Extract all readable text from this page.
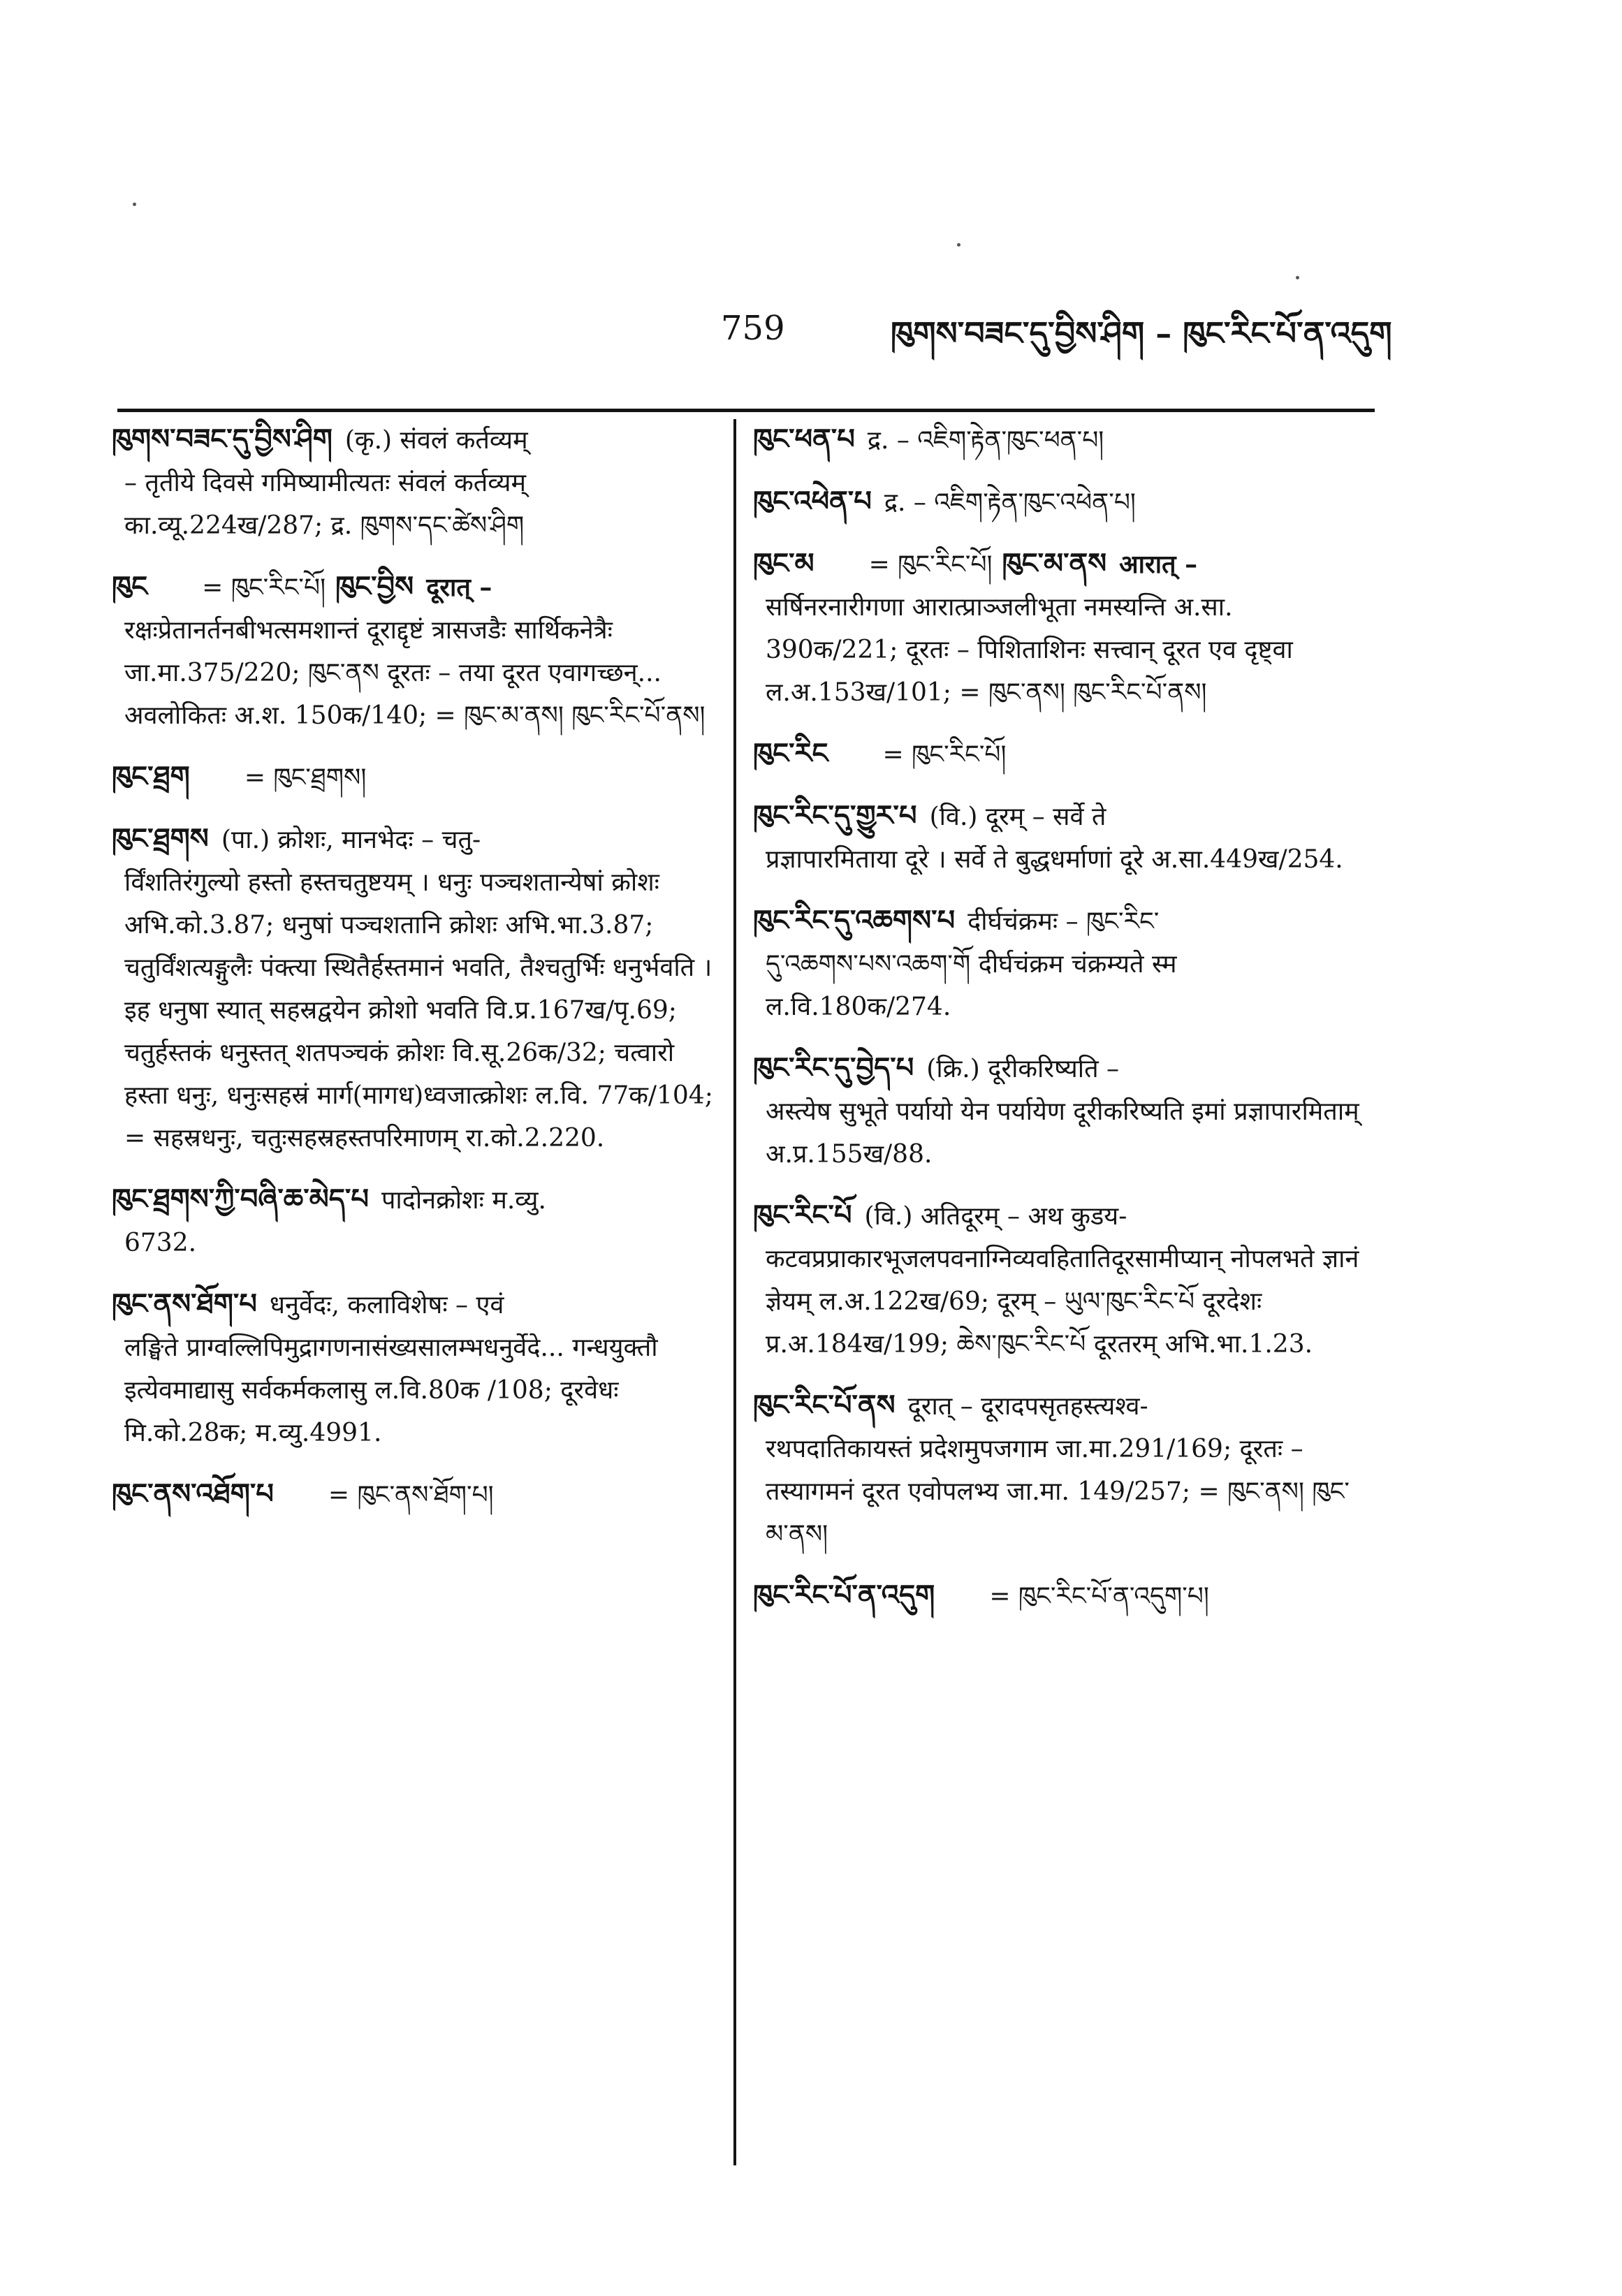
759	ཁུགས་བཟང་དུ་བྱིས་ཤིག – ཁུང་རིང་པོ་ན་འདུག
ཁུགས་བཟང་དུ་བྱིས་ཤིག (कृ.) संवलं कर्तव्यम्
– तृतीये दिवसे गमिष्यामीत्यतः संवलं कर्तव्यम् का.व्यू.224ख/287; द्र. ཁུགས་དང་ཚེས་ཤིག
ཁུང = ཁུང་རིང་པོ། ཁུང་བྱིས दूरात् –
रक्षःप्रेतानर्तनबीभत्समशान्तं दूराद्दृष्टं त्रासजडैः सार्थिकनेत्रैः जा.मा.375/220; ཁུང་ནས दूरतः – तया दूरत एवागच्छन्... अवलोकितः अ.श. 150क/140; = ཁུང་མ་ནས། ཁུང་རིང་པོ་ནས།
ཁུང་ཐྲག = ཁུང་ཐྲགས།
ཁུང་ཐྲགས (पा.) क्रोशः, मानभेदः – चतु-
र्विंशतिरंगुल्यो हस्तो हस्तचतुष्टयम् । धनुः पञ्चशतान्येषां क्रोशः अभि.को.3.87; धनुषां पञ्चशतानि क्रोशः अभि.भा.3.87; चतुर्विंशत्यङ्गुलैः पंक्त्या स्थितैर्हस्तमानं भवति, तैश्चतुर्भिः धनुर्भवति । इह धनुषा स्यात् सहस्रद्वयेन क्रोशो भवति वि.प्र.167ख/पृ.69; चतुर्हस्तकं धनुस्तत् शतपञ्चकं क्रोशः वि.सू.26क/32; चत्वारो हस्ता धनुः, धनुःसहस्रं मार्ग(मागध)ध्वजात्क्रोशः ल.वि. 77क/104; = सहस्रधनुः, चतुःसहस्रहस्तपरिमाणम् रा.को.2.220.
ཁུང་ཐྲགས་ཀྱི་བཞི་ཆ་མེད་པ पादोनक्रोशः म.व्यु.
6732.
ཁུང་ནས་ཐོག་པ धनुर्वेदः, कलाविशेषः – एवं
लङ्घिते प्राग्वल्लिपिमुद्रागणनासंख्यसालम्भधनुर्वेदे... गन्धयुक्तौ इत्येवमाद्यासु सर्वकर्मकलासु ल.वि.80क /108; दूरवेधः मि.को.28क; म.व्यु.4991.
ཁུང་ནས་འཐོག་པ = ཁུང་ནས་ཐོག་པ།
ཁུང་ཕན་པ द्र. – འཇིག་རྟེན་ཁུང་ཕན་པ།
ཁུང་འཕེན་པ द्र. – འཇིག་རྟེན་ཁུང་འཕེན་པ།
ཁུང་མ = ཁུང་རིང་པོ། ཁུང་མ་ནས आरात् –
सर्षिनरनारीगणा आरात्प्राञ्जलीभूता नमस्यन्ति अ.सा. 390क/221; दूरतः – पिशिताशिनः सत्त्वान् दूरत एव दृष्ट्वा ल.अ.153ख/101; = ཁུང་ནས། ཁུང་རིང་པོ་ནས།
ཁུང་རིང = ཁུང་རིང་པོ།
ཁུང་རིང་དུ་གྱུར་པ (वि.) दूरम् – सर्वे ते
प्रज्ञापारमिताया दूरे । सर्वे ते बुद्धधर्माणां दूरे अ.सा.449ख/254.
ཁུང་རིང་དུ་འཆགས་པ दीर्घचंक्रमः – ཁུང་རིང་
དུ་འཆགས་པས་འཆག་གོ दीर्घचंक्रम चंक्रम्यते स्म ल.वि.180क/274.
ཁུང་རིང་དུ་བྱེད་པ (क्रि.) दूरीकरिष्यति –
अस्त्येष सुभूते पर्यायो येन पर्यायेण दूरीकरिष्यति इमां प्रज्ञापारमिताम् अ.प्र.155ख/88.
ཁུང་རིང་པོ (वि.) अतिदूरम् – अथ कुडय-
कटवप्रप्राकारभूजलपवनाग्निव्यवहितातिदूरसामीप्यान् नोपलभते ज्ञानं ज्ञेयम् ल.अ.122ख/69; दूरम् – ཡུལ་ཁུང་རིང་པོ दूरदेशः प्र.अ.184ख/199; ཆེས་ཁུང་རིང་པོ दूरतरम् अभि.भा.1.23.
ཁུང་རིང་པོ་ནས दूरात् – दूरादपसृतहस्त्यश्व-
रथपदातिकायस्तं प्रदेशमुपजगाम जा.मा.291/169; दूरतः – तस्यागमनं दूरत एवोपलभ्य जा.मा. 149/257; = ཁུང་ནས། ཁུང་མ་ནས།
ཁུང་རིང་པོ་ན་འདུག = ཁུང་རིང་པོ་ན་འདུག་པ།
